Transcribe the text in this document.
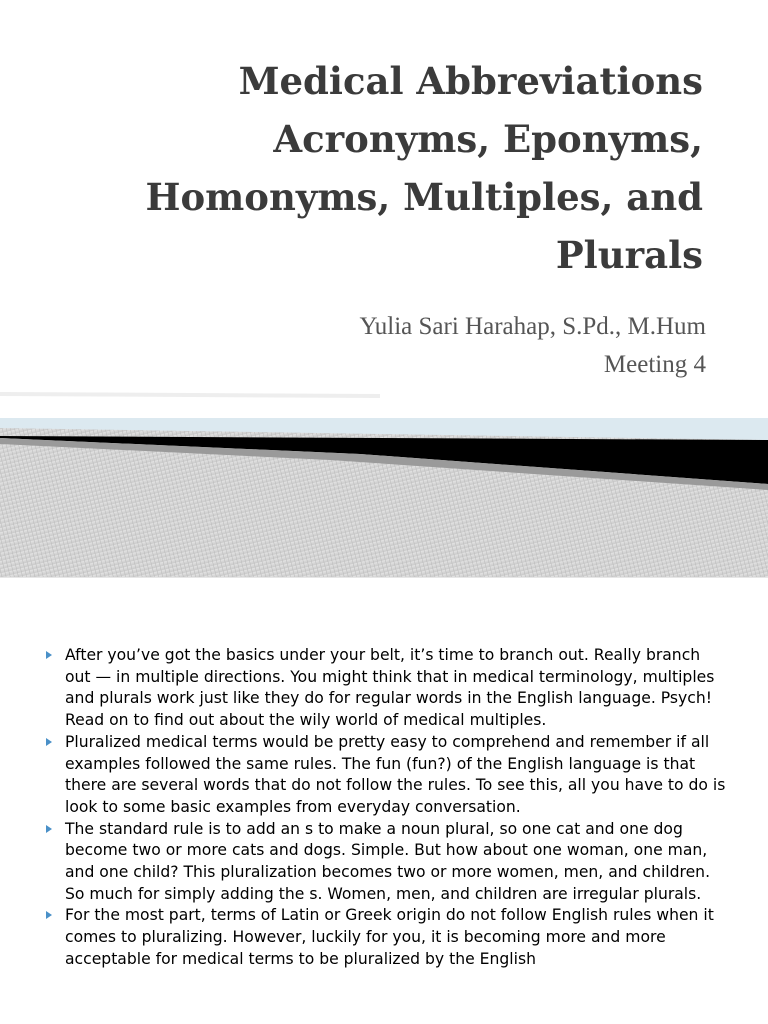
Medical Abbreviations
Acronyms, Eponyms,
Homonyms, Multiples, and
Plurals
Yulia Sari Harahap, S.Pd., M.Hum
Meeting 4
After you’ve got the basics under your belt, it’s time to branch out. Really branch out — in multiple directions. You might think that in medical terminology, multiples and plurals work just like they do for regular words in the English language. Psych! Read on to find out about the wily world of medical multiples.
Pluralized medical terms would be pretty easy to comprehend and remember if all examples followed the same rules. The fun (fun?) of the English language is that there are several words that do not follow the rules. To see this, all you have to do is look to some basic examples from everyday conversation.
The standard rule is to add an s to make a noun plural, so one cat and one dog become two or more cats and dogs. Simple. But how about one woman, one man, and one child? This pluralization becomes two or more women, men, and children. So much for simply adding the s. Women, men, and children are irregular plurals.
For the most part, terms of Latin or Greek origin do not follow English rules when it comes to pluralizing. However, luckily for you, it is becoming more and more acceptable for medical terms to be pluralized by the English
